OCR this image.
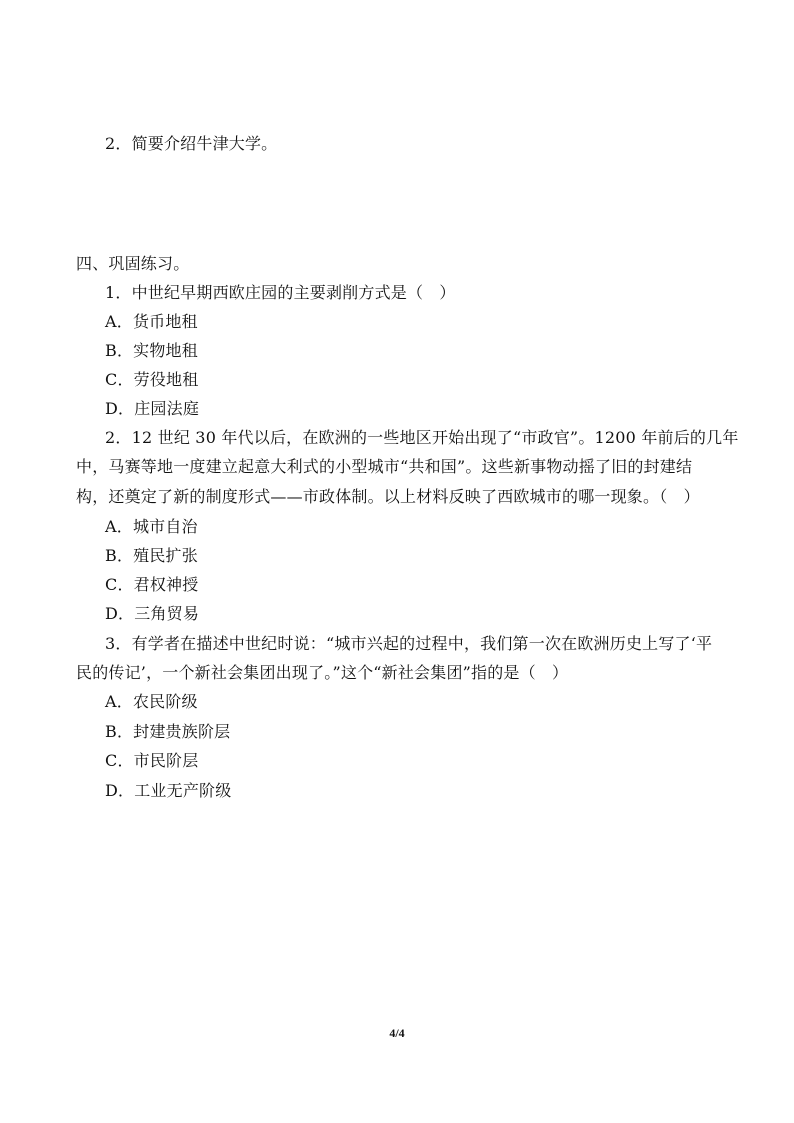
2．简要介绍牛津大学。
四、巩固练习。
1．中世纪早期西欧庄园的主要剥削方式是（　）
A．货币地租
B．实物地租
C．劳役地租
D．庄园法庭
2．12 世纪 30 年代以后，在欧洲的一些地区开始出现了“市政官”。1200 年前后的几年
中，马赛等地一度建立起意大利式的小型城市“共和国”。这些新事物动摇了旧的封建结
构，还奠定了新的制度形式——市政体制。以上材料反映了西欧城市的哪一现象。（　）
A．城市自治
B．殖民扩张
C．君权神授
D．三角贸易
3．有学者在描述中世纪时说：“城市兴起的过程中，我们第一次在欧洲历史上写了‘平
民的传记’，一个新社会集团出现了。”这个“新社会集团”指的是（　）
A．农民阶级
B．封建贵族阶层
C．市民阶层
D．工业无产阶级
4/4
